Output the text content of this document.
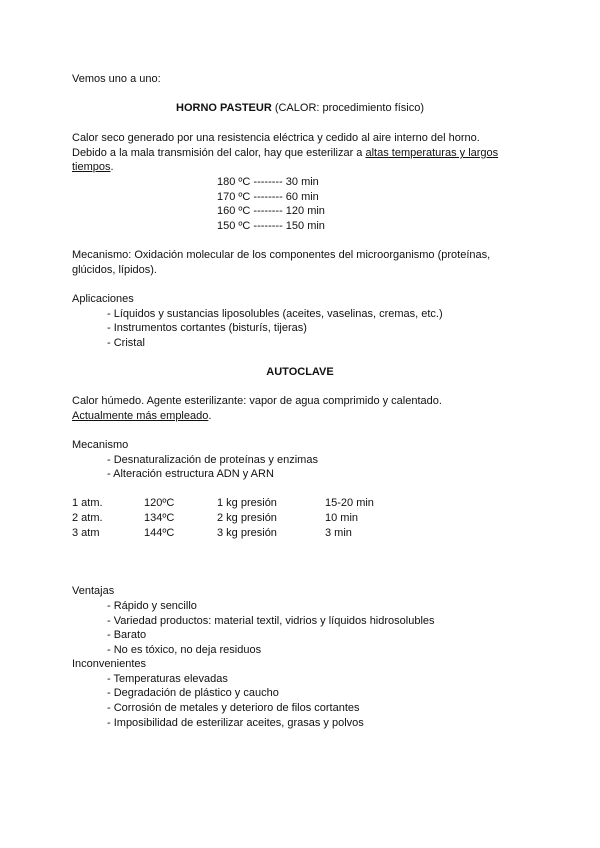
Vemos uno a uno:
HORNO PASTEUR (CALOR: procedimiento físico)
Calor seco generado por una resistencia eléctrica y cedido al aire interno del horno.
Debido a la mala transmisión del calor, hay que esterilizar a altas temperaturas y largos
tiempos.
180 ºC -------- 30 min
170 ºC -------- 60 min
160 ºC -------- 120 min
150 ºC -------- 150 min
Mecanismo: Oxidación molecular de los componentes del microorganismo (proteínas,
glúcidos, lípidos).
Aplicaciones
- Líquidos y sustancias liposolubles (aceites, vaselinas, cremas, etc.)
- Instrumentos cortantes (bisturís, tijeras)
- Cristal
AUTOCLAVE
Calor húmedo. Agente esterilizante: vapor de agua comprimido y calentado.
Actualmente más empleado.
Mecanismo
- Desnaturalización de proteínas y enzimas
- Alteración estructura ADN y ARN
1 atm.	120ºC	1 kg presión	15-20 min
2 atm.	134ºC	2 kg presión	10 min
3 atm	144ºC	3 kg presión	3 min
Ventajas
- Rápido y sencillo
- Variedad productos: material textil, vidrios y líquidos hidrosolubles
- Barato
- No es tóxico, no deja residuos
Inconvenientes
- Temperaturas elevadas
- Degradación de plástico y caucho
- Corrosión de metales y deterioro de filos cortantes
- Imposibilidad de esterilizar aceites, grasas y polvos
